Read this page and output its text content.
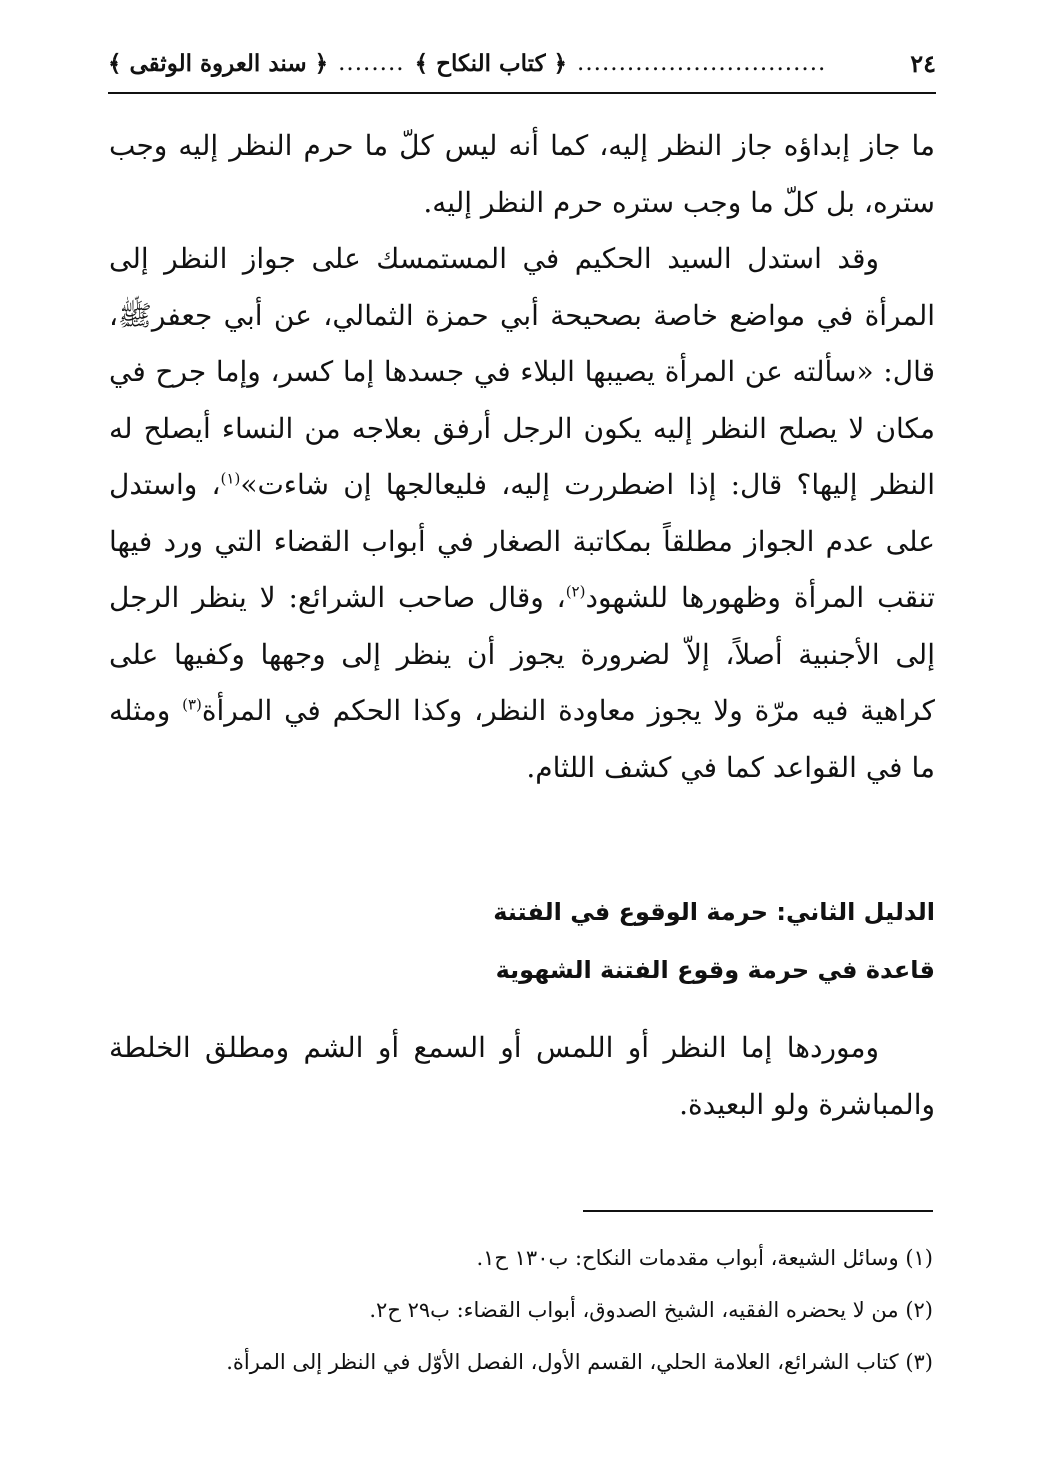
٢٤
..............................
﴿ كتاب النكاح ﴾
........
﴿ سند العروة الوثقى ﴾

ما جاز إبداؤه جاز النظر إليه، كما أنه ليس كلّ ما حرم النظر إليه وجب ستره، بل كلّ ما وجب ستره حرم النظر إليه.

وقد استدل السيد الحكيم في المستمسك على جواز النظر إلى المرأة في مواضع خاصة بصحيحة أبي حمزة الثمالي، عن أبي جعفر‪ﷺ‬، قال: «سألته عن المرأة يصيبها البلاء في جسدها إما كسر، وإما جرح في مكان لا يصلح النظر إليه يكون الرجل أرفق بعلاجه من النساء أيصلح له النظر إليها؟ قال: إذا اضطررت إليه، فليعالجها إن شاءت»$^{(١)}$، واستدل على عدم الجواز مطلقاً بمكاتبة الصغار في أبواب القضاء التي ورد فيها تنقب المرأة وظهورها للشهود$^{(٢)}$، وقال صاحب الشرائع: لا ينظر الرجل إلى الأجنبية أصلاً، إلاّ لضرورة يجوز أن ينظر إلى وجهها وكفيها على كراهية فيه مرّة ولا يجوز معاودة النظر، وكذا الحكم في المرأة$^{(٣)}$ ومثله ما في القواعد كما في كشف اللثام.

الدليل الثاني: حرمة الوقوع في الفتنة
قاعدة في حرمة وقوع الفتنة الشهوية

ومورده‍ا إما النظر أو اللمس أو السمع أو الشم ومطلق الخلطة والمباشرة ولو البعيدة.

(١) وسائل الشيعة، أبواب مقدمات النكاح: ب١٣٠ ح١.
(٢) من لا يحضره الفقيه، الشيخ الصدوق، أبواب القضاء: ب٢٩ ح٢.
(٣) كتاب الشرائع، العلامة الحلي، القسم الأول، الفصل الأوّل في النظر إلى المرأة.
